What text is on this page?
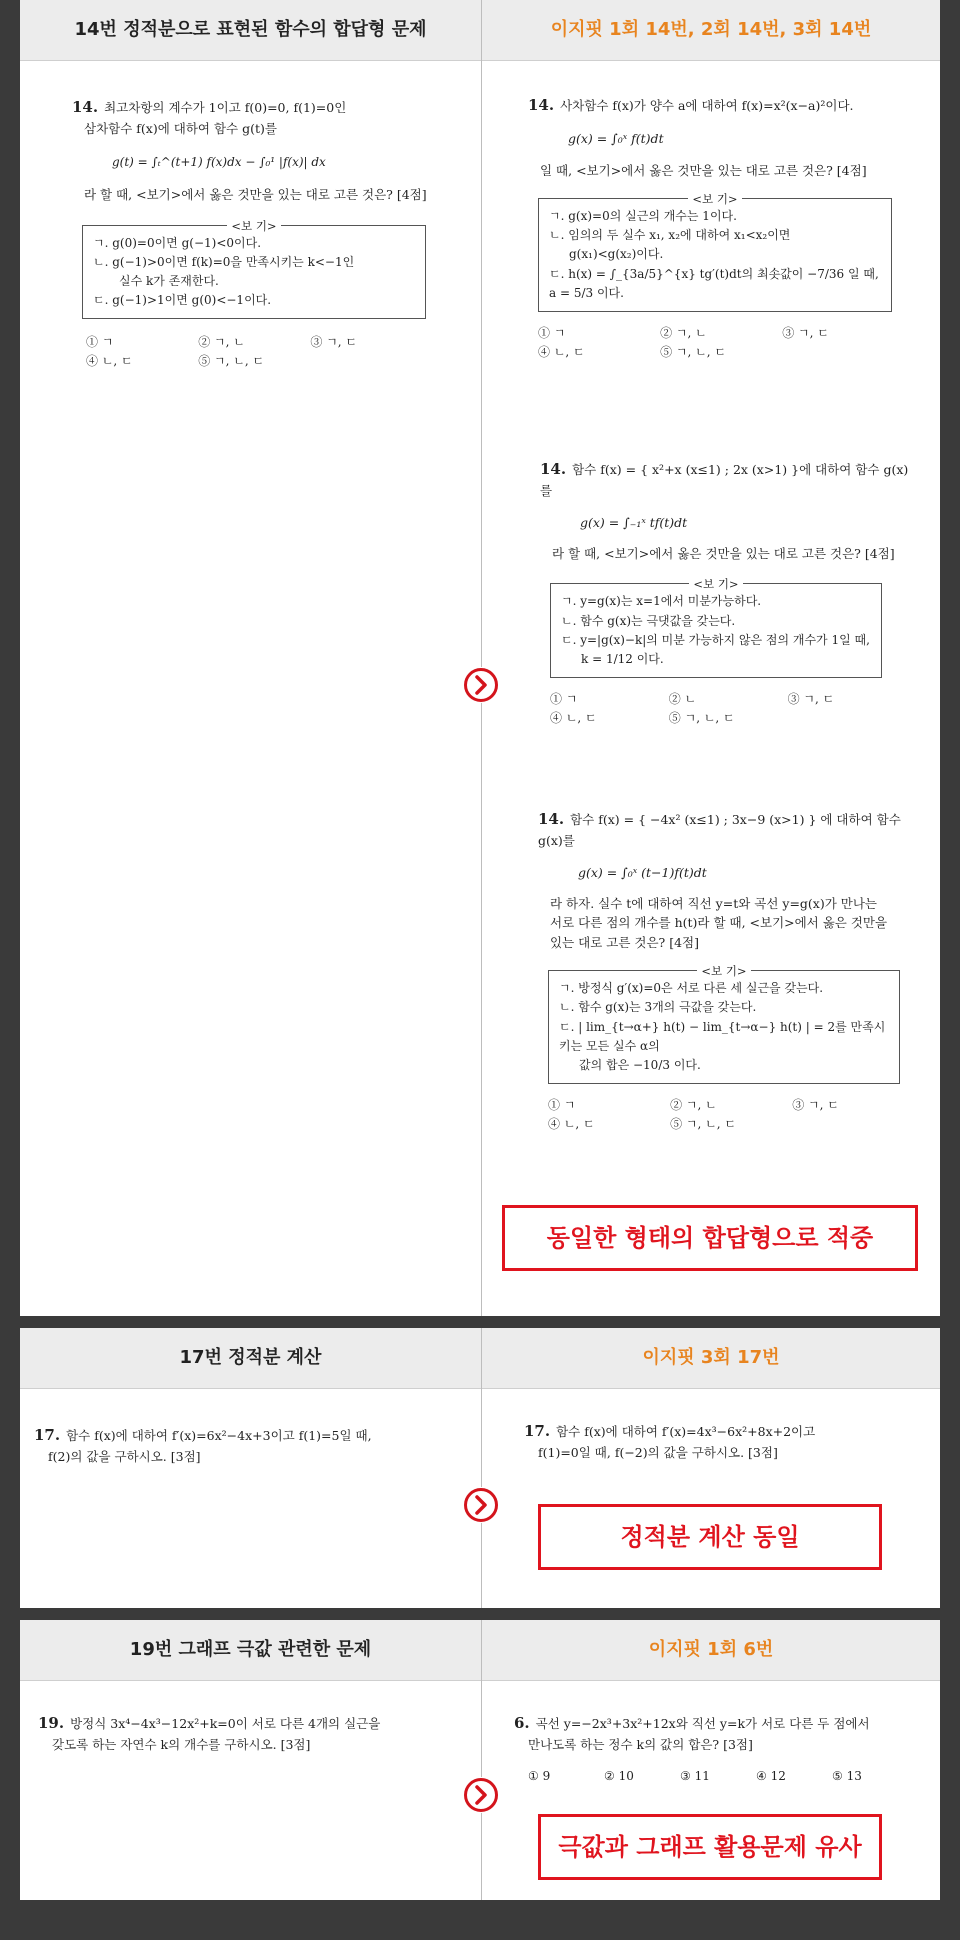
14번 정적분으로 표현된 함수의 합답형 문제	이지핏 1회 14번, 2회 14번, 3회 14번
14. 최고차항의 계수가 1이고 f(0)=0, f(1)=0인
삼차함수 f(x)에 대하여 함수 g(t)를
g(t) = ∫ₜ^(t+1) f(x)dx − ∫₀¹ |f(x)| dx
라 할 때, <보기>에서 옳은 것만을 있는 대로 고른 것은? [4점]
<보 기>
ㄱ. g(0)=0이면 g(−1)<0이다.
ㄴ. g(−1)>0이면 f(k)=0을 만족시키는 k<−1인
실수 k가 존재한다.
ㄷ. g(−1)>1이면 g(0)<−1이다.
① ㄱ	② ㄱ, ㄴ	③ ㄱ, ㄷ
④ ㄴ, ㄷ	⑤ ㄱ, ㄴ, ㄷ
14. 사차함수 f(x)가 양수 a에 대하여 f(x)=x²(x−a)²이다.
g(x) = ∫₀ˣ f(t)dt
일 때, <보기>에서 옳은 것만을 있는 대로 고른 것은? [4점]
<보 기>
ㄱ. g(x)=0의 실근의 개수는 1이다.
ㄴ. 임의의 두 실수 x₁, x₂에 대하여 x₁<x₂이면
g(x₁)<g(x₂)이다.
ㄷ. h(x) = ∫_{3a/5}^{x} tg′(t)dt의 최솟값이 −7/36 일 때, a = 5/3 이다.
① ㄱ	② ㄱ, ㄴ	③ ㄱ, ㄷ
④ ㄴ, ㄷ	⑤ ㄱ, ㄴ, ㄷ
14. 함수 f(x) = { x²+x (x≤1) ; 2x (x>1) }에 대하여 함수 g(x)를
g(x) = ∫₋₁ˣ tf(t)dt
라 할 때, <보기>에서 옳은 것만을 있는 대로 고른 것은? [4점]
<보 기>
ㄱ. y=g(x)는 x=1에서 미분가능하다.
ㄴ. 함수 g(x)는 극댓값을 갖는다.
ㄷ. y=|g(x)−k|의 미분 가능하지 않은 점의 개수가 1일 때,
k = 1/12 이다.
① ㄱ	② ㄴ	③ ㄱ, ㄷ
④ ㄴ, ㄷ	⑤ ㄱ, ㄴ, ㄷ
14. 함수 f(x) = { −4x² (x≤1) ; 3x−9 (x>1) } 에 대하여 함수 g(x)를
g(x) = ∫₀ˣ (t−1)f(t)dt
라 하자. 실수 t에 대하여 직선 y=t와 곡선 y=g(x)가 만나는
서로 다른 점의 개수를 h(t)라 할 때, <보기>에서 옳은 것만을
있는 대로 고른 것은? [4점]
<보 기>
ㄱ. 방정식 g′(x)=0은 서로 다른 세 실근을 갖는다.
ㄴ. 함수 g(x)는 3개의 극값을 갖는다.
ㄷ. | lim_{t→α+} h(t) − lim_{t→α−} h(t) | = 2를 만족시키는 모든 실수 α의
값의 합은 −10/3 이다.
① ㄱ	② ㄱ, ㄴ	③ ㄱ, ㄷ
④ ㄴ, ㄷ	⑤ ㄱ, ㄴ, ㄷ
동일한 형태의 합답형으로 적중
17번 정적분 계산	이지핏 3회 17번
17. 함수 f(x)에 대하여 f′(x)=6x²−4x+3이고 f(1)=5일 때,
f(2)의 값을 구하시오. [3점]
17. 함수 f(x)에 대하여 f′(x)=4x³−6x²+8x+2이고
f(1)=0일 때, f(−2)의 값을 구하시오. [3점]
정적분 계산 동일
19번 그래프 극값 관련한 문제	이지핏 1회 6번
19. 방정식 3x⁴−4x³−12x²+k=0이 서로 다른 4개의 실근을
갖도록 하는 자연수 k의 개수를 구하시오. [3점]
6. 곡선 y=−2x³+3x²+12x와 직선 y=k가 서로 다른 두 점에서
만나도록 하는 정수 k의 값의 합은? [3점]
① 9	② 10	③ 11	④ 12	⑤ 13
극값과 그래프 활용문제 유사
